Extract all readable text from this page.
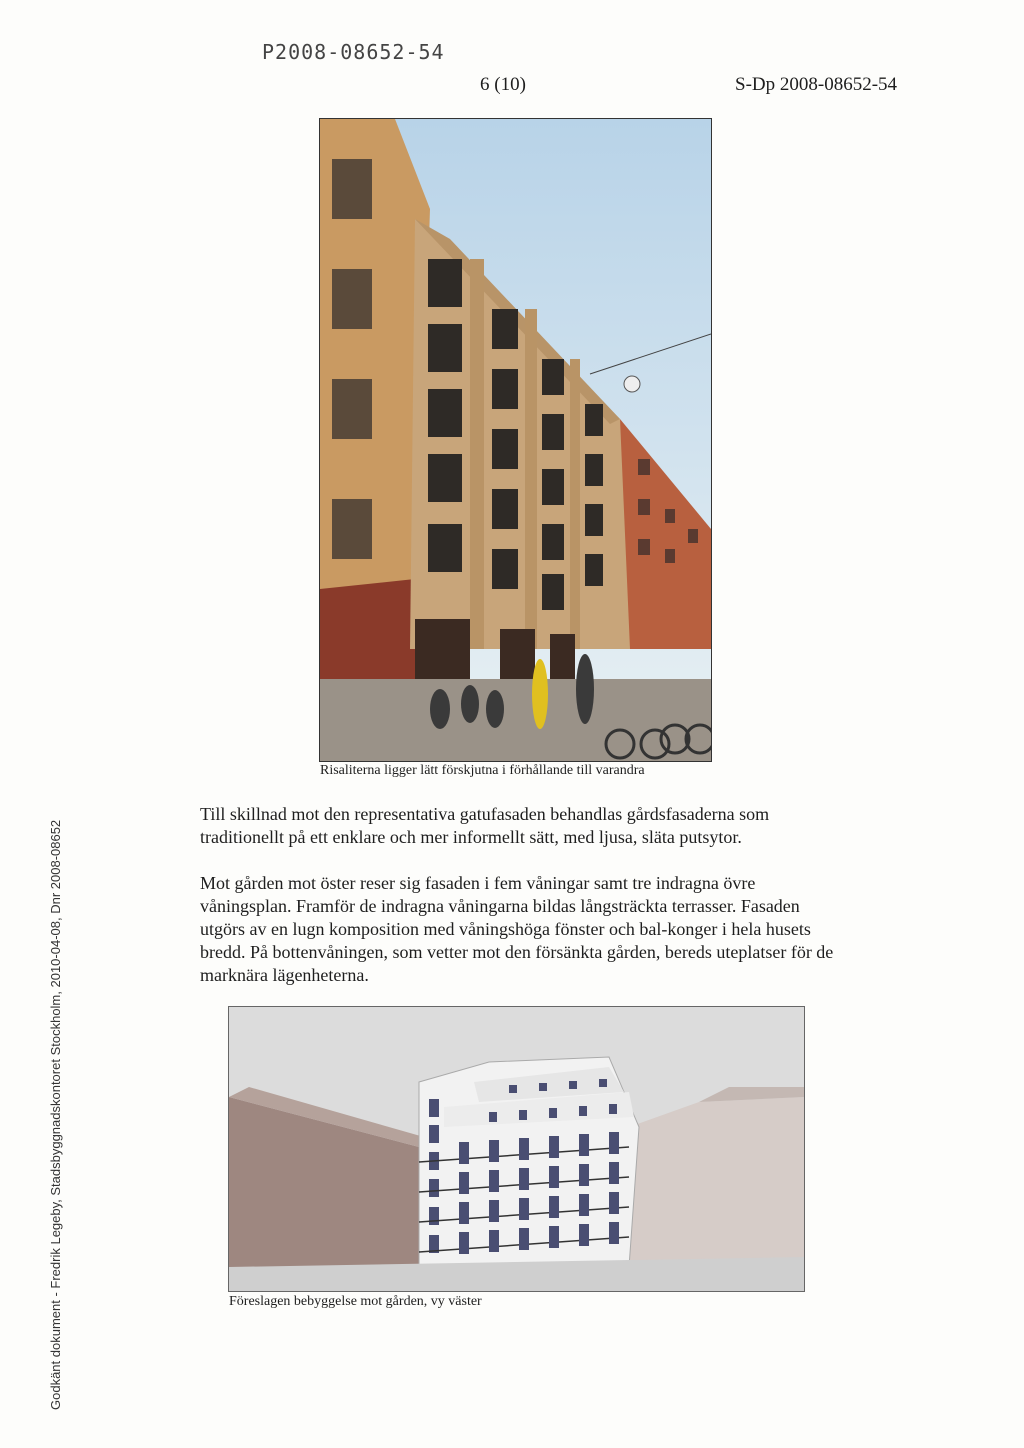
P2008-08652-54
6 (10)	S-Dp 2008-08652-54
Godkänt dokument - Fredrik Legeby, Stadsbyggnadskontoret Stockholm, 2010-04-08, Dnr 2008-08652
Risaliterna ligger lätt förskjutna i förhållande till varandra

Till skillnad mot den representativa gatufasaden behandlas gårdsfasaderna som traditionellt på ett enklare och mer informellt sätt, med ljusa, släta putsytor.

Mot gården mot öster reser sig fasaden i fem våningar samt tre indragna övre våningsplan. Framför de indragna våningarna bildas långsträckta terrasser. Fasaden utgörs av en lugn komposition med våningshöga fönster och bal-konger i hela husets bredd. På bottenvåningen, som vetter mot den försänkta gården, bereds uteplatser för de marknära lägenheterna.

Föreslagen bebyggelse mot gården, vy väster
